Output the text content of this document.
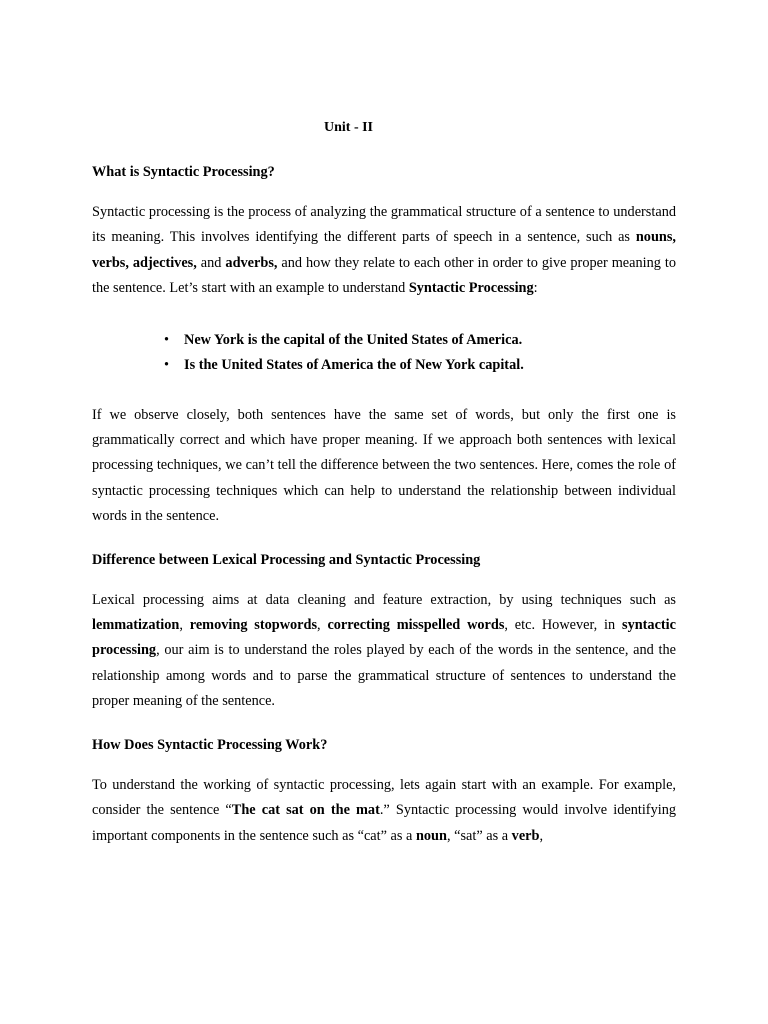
Unit - II
What is Syntactic Processing?

Syntactic processing is the process of analyzing the grammatical structure of a sentence to understand its meaning. This involves identifying the different parts of speech in a sentence, such as nouns, verbs, adjectives, and adverbs, and how they relate to each other in order to give proper meaning to the sentence. Let’s start with an example to understand Syntactic Processing:

• New York is the capital of the United States of America.
• Is the United States of America the of New York capital.

If we observe closely, both sentences have the same set of words, but only the first one is grammatically correct and which have proper meaning. If we approach both sentences with lexical processing techniques, we can’t tell the difference between the two sentences. Here, comes the role of syntactic processing techniques which can help to understand the relationship between individual words in the sentence.

Difference between Lexical Processing and Syntactic Processing

Lexical processing aims at data cleaning and feature extraction, by using techniques such as lemmatization, removing stopwords, correcting misspelled words, etc. However, in syntactic processing, our aim is to understand the roles played by each of the words in the sentence, and the relationship among words and to parse the grammatical structure of sentences to understand the proper meaning of the sentence.

How Does Syntactic Processing Work?

To understand the working of syntactic processing, lets again start with an example. For example, consider the sentence “The cat sat on the mat.” Syntactic processing would involve identifying important components in the sentence such as “cat” as a noun, “sat” as a verb,
